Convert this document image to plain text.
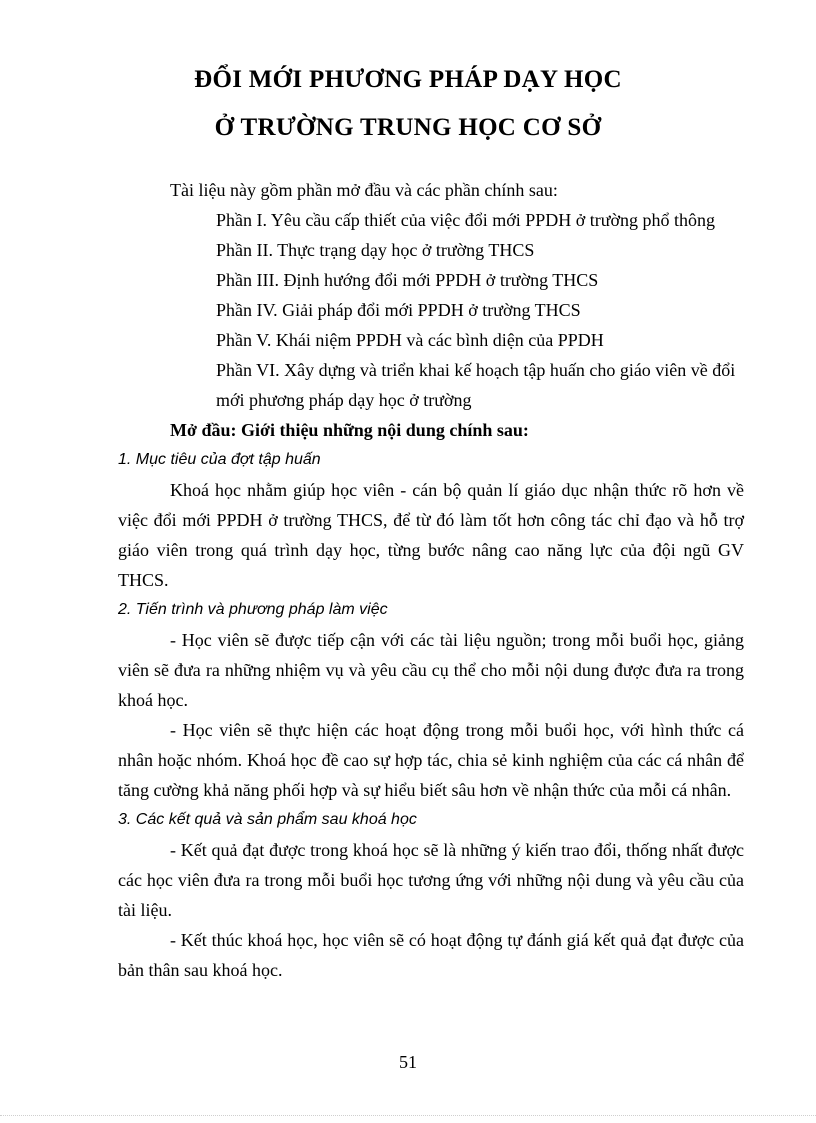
ĐỔI MỚI PHƯƠNG PHÁP DẠY HỌC
Ở TRƯỜNG TRUNG HỌC CƠ SỞ

Tài liệu này gồm phần mở đầu và các phần chính sau:

Phần I. Yêu cầu cấp thiết của việc đổi mới PPDH ở trường phổ thông

Phần II. Thực trạng dạy học ở trường THCS

Phần III. Định hướng đổi mới PPDH ở trường THCS

Phần IV. Giải pháp đổi mới PPDH ở trường THCS

Phần V. Khái niệm PPDH và các bình diện của PPDH

Phần VI. Xây dựng và triển khai kế hoạch tập huấn cho giáo viên về đổi mới phương pháp dạy học ở trường

Mở đầu: Giới thiệu những nội dung chính sau:

1. Mục tiêu của đợt tập huấn

Khoá học nhằm giúp học viên - cán bộ quản lí giáo dục nhận thức rõ hơn về việc đổi mới PPDH ở trường THCS, để từ đó làm tốt hơn công tác chỉ đạo và hỗ trợ giáo viên trong quá trình dạy học, từng bước nâng cao năng lực của đội ngũ GV THCS.

2. Tiến trình và phương pháp làm việc

- Học viên sẽ được tiếp cận với các tài liệu nguồn; trong mỗi buổi học, giảng viên sẽ đưa ra những nhiệm vụ và yêu cầu cụ thể cho mỗi nội dung được đưa ra trong khoá học.

- Học viên sẽ thực hiện các hoạt động trong mỗi buổi học, với hình thức cá nhân hoặc nhóm. Khoá học đề cao sự hợp tác, chia sẻ kinh nghiệm của các cá nhân để tăng cường khả năng phối hợp và sự hiểu biết sâu hơn về nhận thức của mỗi cá nhân.

3. Các kết quả và sản phẩm sau khoá học

- Kết quả đạt được trong khoá học sẽ là những ý kiến trao đổi, thống nhất được các học viên đưa ra trong mỗi buổi học tương ứng với những nội dung và yêu cầu của tài liệu.

- Kết thúc khoá học, học viên sẽ có hoạt động tự đánh giá kết quả đạt được của bản thân sau khoá học.

51
